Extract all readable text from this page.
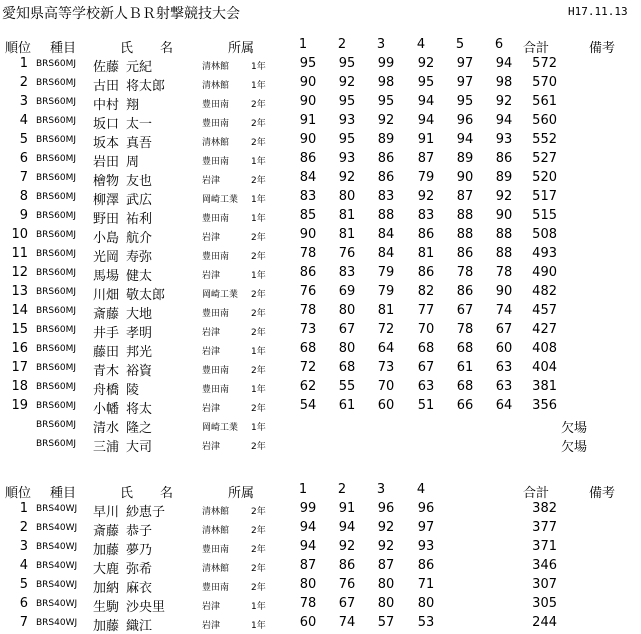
愛知県高等学校新人ＢＲ射撃競技大会	H17.11.13
順位 種目	氏 名	所属	1	2	3	4	5	6	合計	備考
1 BRS60MJ 佐藤 元紀	清林館 1年	95 95 99 92 97 94	572
2 BRS60MJ 古田 将太郎	清林館 1年	90 92 98 95 97 98	570
3 BRS60MJ 中村 翔	豊田南 2年	90 95 95 94 95 92	561
4 BRS60MJ 坂口 太一	豊田南 2年	91 93 92 94 96 94	560
5 BRS60MJ 坂本 真吾	清林館 2年	90 95 89 91 94 93	552
6 BRS60MJ 岩田 周	豊田南 1年	86 93 86 87 89 86	527
7 BRS60MJ 檜物 友也	岩津	2年	84 92 86 79 90 89	520
8 BRS60MJ 柳澤 武広	岡崎工業 1年	83 80 83 92 87 92	517
9 BRS60MJ 野田 祐利	豊田南 1年	85 81 88 83 88 90	515
10 BRS60MJ 小島 航介	岩津	2年	90 81 84 86 88 88	508
11 BRS60MJ 光岡 寿弥	豊田南 2年	78 76 84 81 86 88	493
12 BRS60MJ 馬場 健太	岩津	1年	86 83 79 86 78 78	490
13 BRS60MJ 川畑 敬太郎	岡崎工業 2年	76 69 79 82 86 90	482
14 BRS60MJ 斎藤 大地	豊田南 2年	78 80 81 77 67 74	457
15 BRS60MJ 井手 孝明	岩津	2年	73 67 72 70 78 67	427
16 BRS60MJ 藤田 邦光	岩津	1年	68 80 64 68 68 60	408
17 BRS60MJ 青木 裕資	豊田南 2年	72 68 73 67 61 63	404
18 BRS60MJ 舟橋 陵	豊田南 1年	62 55 70 63 68 63	381
19 BRS60MJ 小幡 将太	岩津	2年	54 61 60 51 66 64	356
BRS60MJ 清水 隆之	岡崎工業 1年	欠場
BRS60MJ 三浦 大司	岩津	2年	欠場
順位 種目	氏 名	所属	1	2	3	4	合計	備考
1 BRS40WJ 早川 紗恵子	清林館 2年	99 91 96 96	382
2 BRS40WJ 斎藤 恭子	清林館 2年	94 94 92 97	377
3 BRS40WJ 加藤 夢乃	豊田南 2年	94 92 92 93	371
4 BRS40WJ 大鹿 弥希	清林館 2年	87 86 87 86	346
5 BRS40WJ 加納 麻衣	豊田南 2年	80 76 80 71	307
6 BRS40WJ 生駒 沙央里	岩津	1年	78 67 80 80	305
7 BRS40WJ 加藤 織江	岩津	1年	60 74 57 53	244
